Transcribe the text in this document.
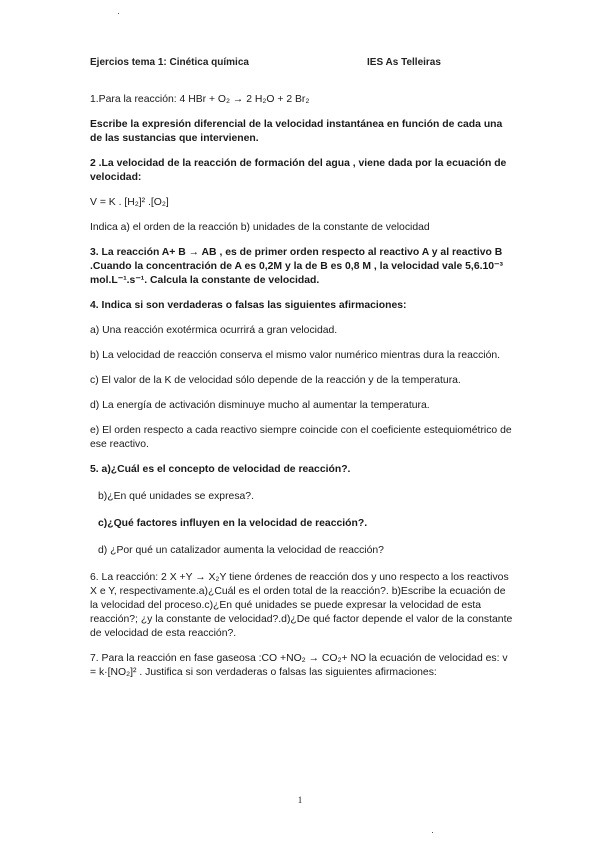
Ejercios tema 1: Cinética química	IES As Telleiras

1.Para la reacción: 4 HBr + O₂ → 2 H₂O + 2 Br₂

Escribe la expresión diferencial de la velocidad instantánea en función de cada una de las sustancias que intervienen.

2 .La velocidad de la reacción de formación del agua , viene dada por la ecuación de velocidad:

V = K . [H₂]² .[O₂]

Indica a) el orden de la reacción b) unidades de la constante de velocidad

3. La reacción A+ B → AB , es de primer orden respecto al reactivo A y al reactivo B .Cuando la concentración de A es 0,2M y la de B es 0,8 M , la velocidad vale 5,6.10⁻³ mol.L⁻¹.s⁻¹. Calcula la constante de velocidad.

4. Indica si son verdaderas o falsas las siguientes afirmaciones:

a) Una reacción exotérmica ocurrirá a gran velocidad.

b) La velocidad de reacción conserva el mismo valor numérico mientras dura la reacción.

c) El valor de la K de velocidad sólo depende de la reacción y de la temperatura.

d) La energía de activación disminuye mucho al aumentar la temperatura.

e) El orden respecto a cada reactivo siempre coincide con el coeficiente estequiométrico de ese reactivo.

5. a)¿Cuál es el concepto de velocidad de reacción?.

b)¿En qué unidades se expresa?.

c)¿Qué factores influyen en la velocidad de reacción?.

d) ¿Por qué un catalizador aumenta la velocidad de reacción?

6. La reacción: 2 X +Y → X₂Y tiene órdenes de reacción dos y uno respecto a los reactivos X e Y, respectivamente.a)¿Cuál es el orden total de la reacción?. b)Escribe la ecuación de la velocidad del proceso.c)¿En qué unidades se puede expresar la velocidad de esta reacción?; ¿y la constante de velocidad?.d)¿De qué factor depende el valor de la constante de velocidad de esta reacción?.

7. Para la reacción en fase gaseosa :CO +NO₂ → CO₂+ NO la ecuación de velocidad es: v = k·[NO₂]² . Justifica si son verdaderas o falsas las siguientes afirmaciones:

1
